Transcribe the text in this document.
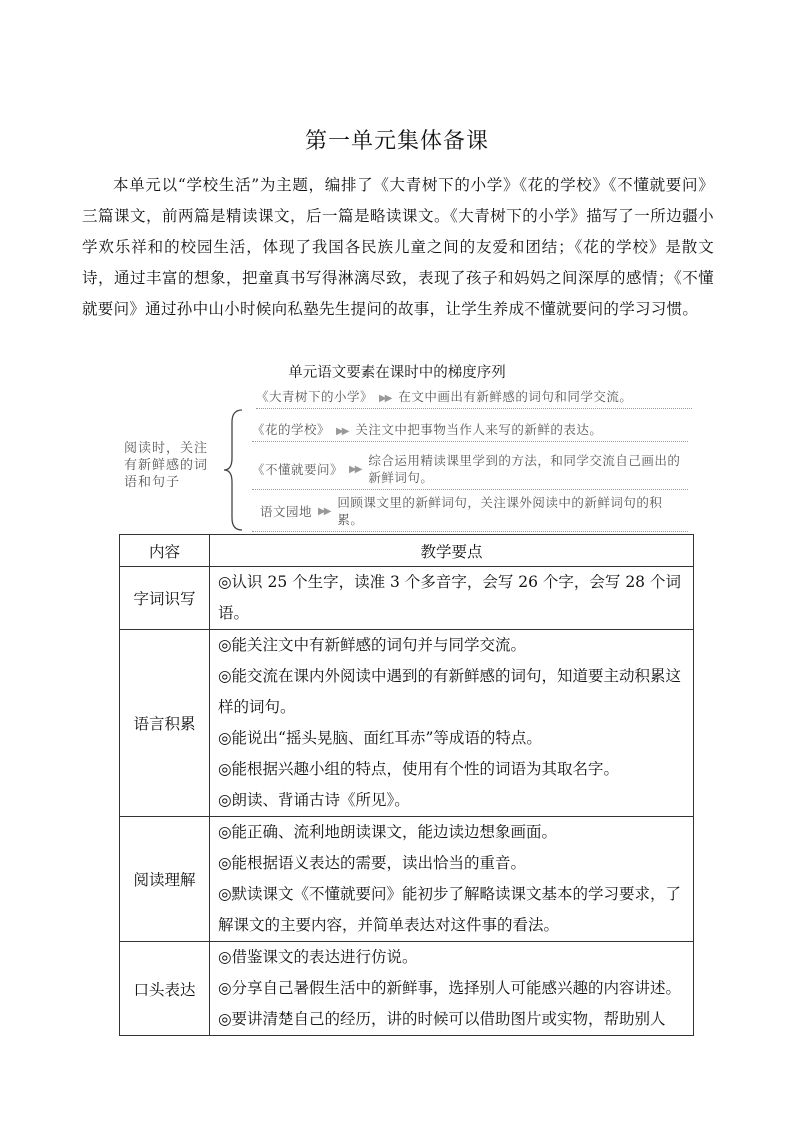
第一单元集体备课

本单元以“学校生活”为主题，编排了《大青树下的小学》《花的学校》《不懂就要问》三篇课文，前两篇是精读课文，后一篇是略读课文。《大青树下的小学》描写了一所边疆小学欢乐祥和的校园生活，体现了我国各民族儿童之间的友爱和团结；《花的学校》是散文诗，通过丰富的想象，把童真书写得淋漓尽致，表现了孩子和妈妈之间深厚的感情；《不懂就要问》通过孙中山小时候向私塾先生提问的故事，让学生养成不懂就要问的学习习惯。

单元语文要素在课时中的梯度序列
阅读时，关注有新鲜感的词语和句子
《大青树下的小学》 ▶▶ 在文中画出有新鲜感的词句和同学交流。
《花的学校》 ▶▶ 关注文中把事物当作人来写的新鲜的表达。
《不懂就要问》 ▶▶
综合运用精读课里学到的方法，和同学交流自己画出的新鲜词句。
语文园地 ▶▶
回顾课文里的新鲜词句，关注课外阅读中的新鲜词句的积累。
内容	教学要点
字词识写	◎认识 25 个生字，读准 3 个多音字，会写 26 个字，会写 28 个词语。

语言积累	◎能关注文中有新鲜感的词句并与同学交流。
◎能交流在课内外阅读中遇到的有新鲜感的词句，知道要主动积累这样的词句。
◎能说出“摇头晃脑、面红耳赤”等成语的特点。
◎能根据兴趣小组的特点，使用有个性的词语为其取名字。
◎朗读、背诵古诗《所见》。

阅读理解	◎能正确、流利地朗读课文，能边读边想象画面。
◎能根据语义表达的需要，读出恰当的重音。
◎默读课文《不懂就要问》能初步了解略读课文基本的学习要求，了解课文的主要内容，并简单表达对这件事的看法。

口头表达	◎借鉴课文的表达进行仿说。
◎分享自己暑假生活中的新鲜事，选择别人可能感兴趣的内容讲述。
◎要讲清楚自己的经历，讲的时候可以借助图片或实物，帮助别人
